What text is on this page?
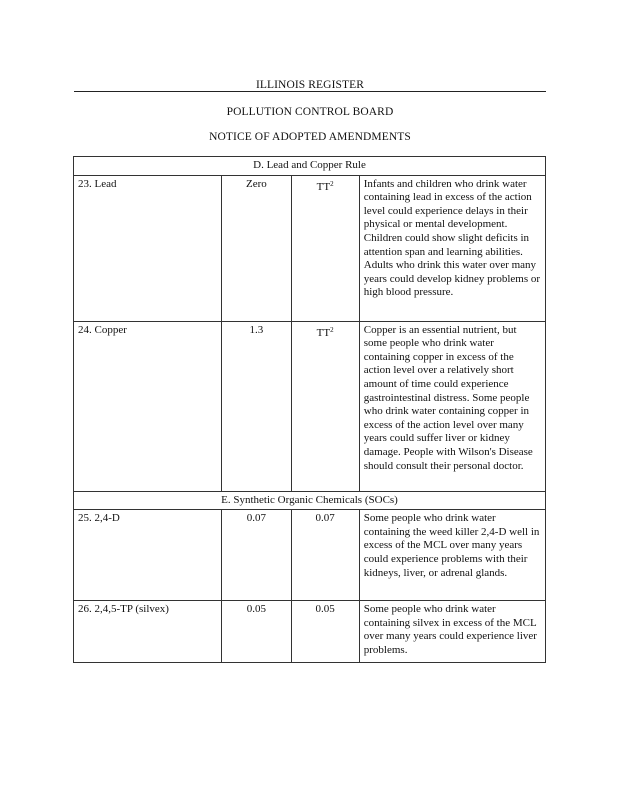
ILLINOIS REGISTER
POLLUTION CONTROL BOARD
NOTICE OF ADOPTED AMENDMENTS
D. Lead and Copper Rule			
23. Lead	Zero	$TT^2$	Infants and children who drink water containing lead in excess of the action level could experience delays in their physical or mental development. Children could show slight deficits in attention span and learning abilities. Adults who drink this water over many years could develop kidney problems or high blood pressure.
24. Copper	1.3	$TT^2$	Copper is an essential nutrient, but some people who drink water containing copper in excess of the action level over a relatively short amount of time could experience gastrointestinal distress. Some people who drink water containing copper in excess of the action level over many years could suffer liver or kidney damage. People with Wilson's Disease should consult their personal doctor.
E. Synthetic Organic Chemicals (SOCs)			
25. 2,4-D	0.07	0.07	Some people who drink water containing the weed killer 2,4-D well in excess of the MCL over many years could experience problems with their kidneys, liver, or adrenal glands.
26. 2,4,5-TP (silvex)	0.05	0.05	Some people who drink water containing silvex in excess of the MCL over many years could experience liver problems.
